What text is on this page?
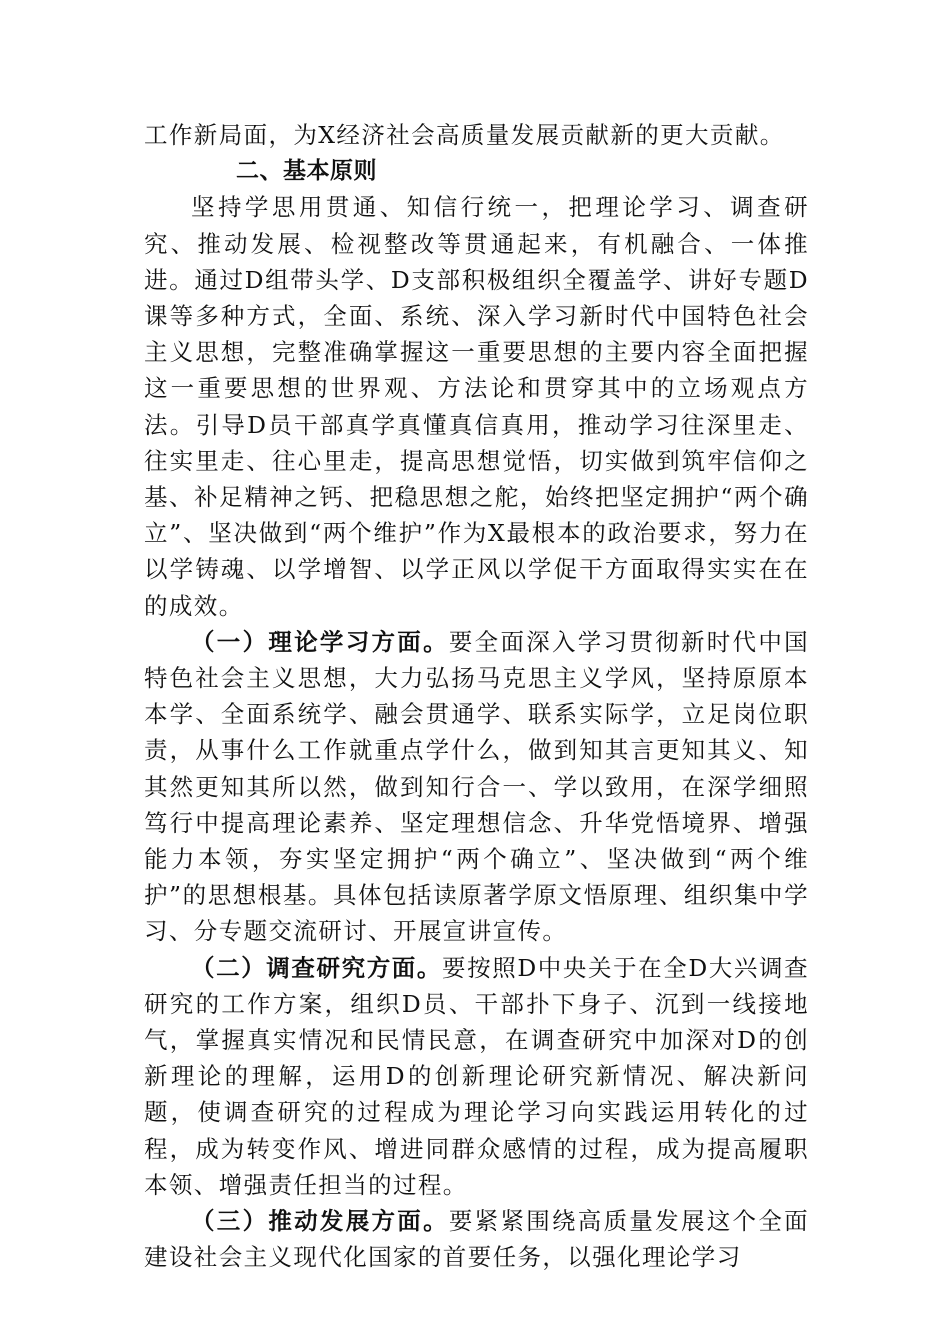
工作新局面，为X经济社会高质量发展贡献新的更大贡献。

二、基本原则

坚持学思用贯通、知信行统一，把理论学习、调查研究、推动发展、检视整改等贯通起来，有机融合、一体推进。通过D组带头学、D支部积极组织全覆盖学、讲好专题D课等多种方式，全面、系统、深入学习新时代中国特色社会主义思想，完整准确掌握这一重要思想的主要内容全面把握这一重要思想的世界观、方法论和贯穿其中的立场观点方法。引导D员干部真学真懂真信真用，推动学习往深里走、往实里走、往心里走，提高思想觉悟，切实做到筑牢信仰之基、补足精神之钙、把稳思想之舵，始终把坚定拥护“两个确立”、坚决做到“两个维护”作为X最根本的政治要求，努力在以学铸魂、以学增智、以学正风以学促干方面取得实实在在的成效。

（一）理论学习方面。要全面深入学习贯彻新时代中国特色社会主义思想，大力弘扬马克思主义学风，坚持原原本本学、全面系统学、融会贯通学、联系实际学，立足岗位职责，从事什么工作就重点学什么，做到知其言更知其义、知其然更知其所以然，做到知行合一、学以致用，在深学细照笃行中提高理论素养、坚定理想信念、升华党悟境界、增强能力本领，夯实坚定拥护“两个确立”、坚决做到“两个维护”的思想根基。具体包括读原著学原文悟原理、组织集中学习、分专题交流研讨、开展宣讲宣传。

（二）调查研究方面。要按照D中央关于在全D大兴调查研究的工作方案，组织D员、干部扑下身子、沉到一线接地气，掌握真实情况和民情民意，在调查研究中加深对D的创新理论的理解，运用D的创新理论研究新情况、解决新问题，使调查研究的过程成为理论学习向实践运用转化的过程，成为转变作风、增进同群众感情的过程，成为提高履职本领、增强责任担当的过程。

（三）推动发展方面。要紧紧围绕高质量发展这个全面建设社会主义现代化国家的首要任务，以强化理论学习
